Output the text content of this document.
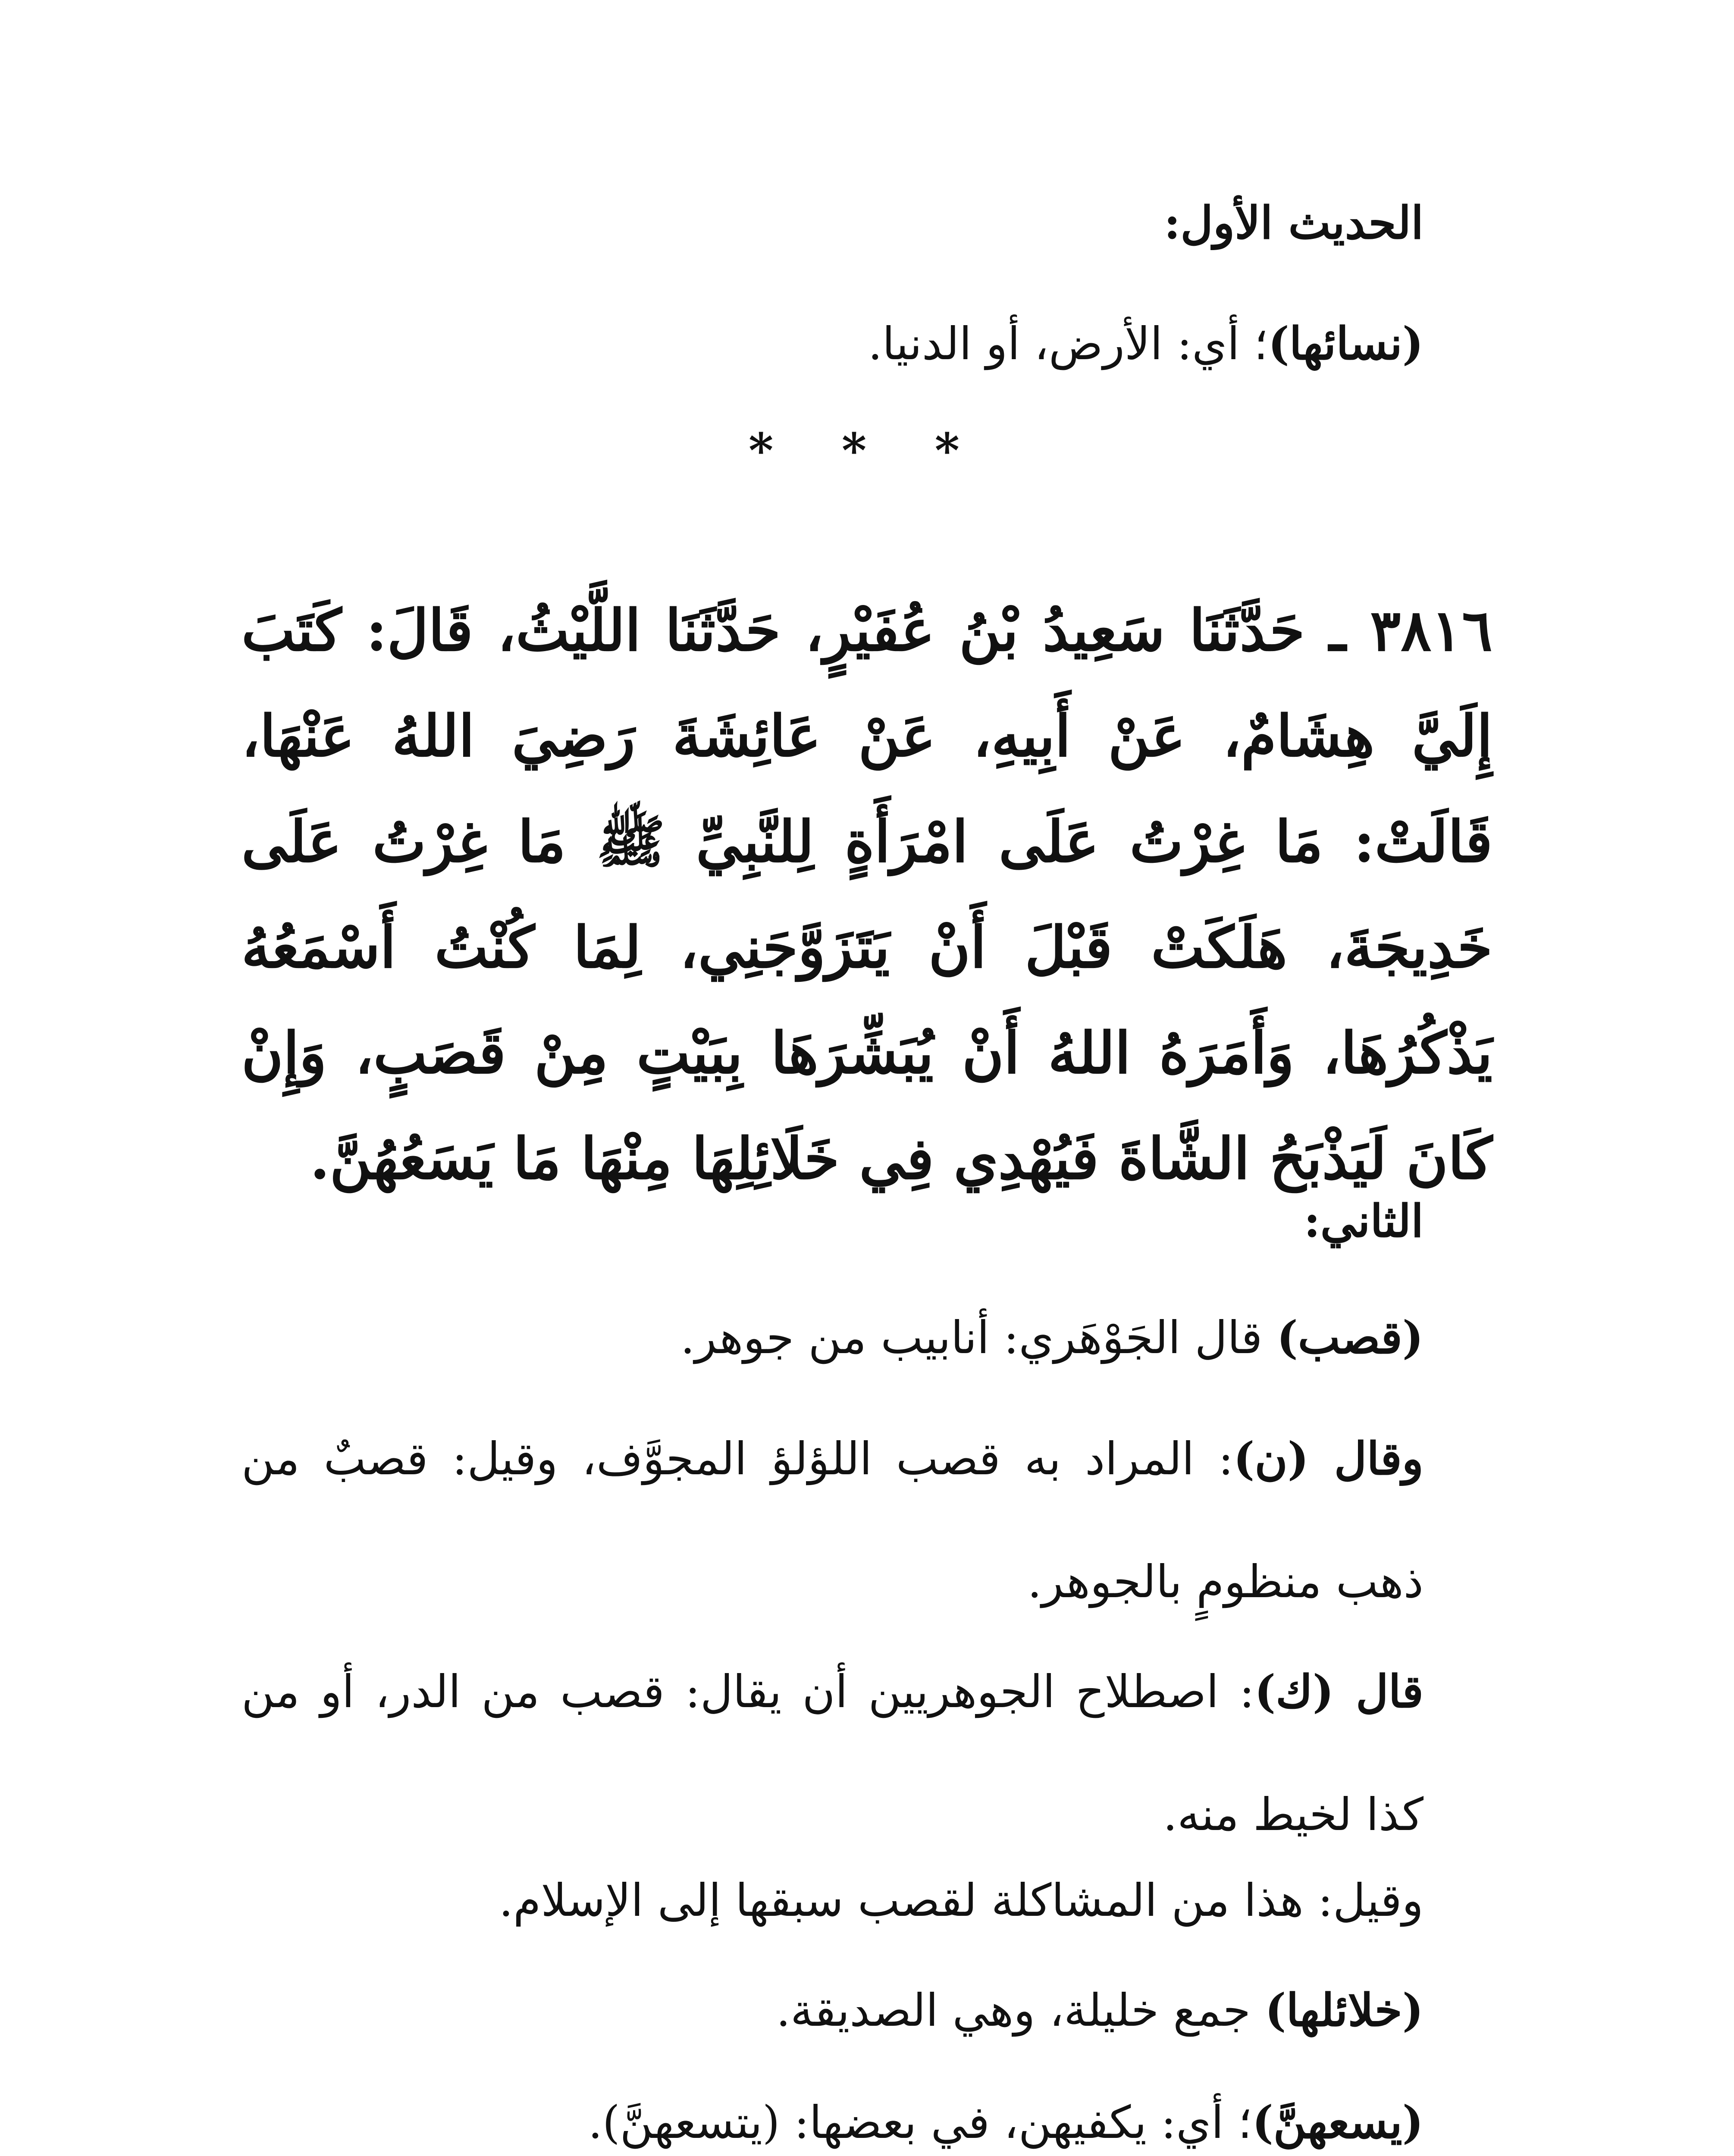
الحديث الأول:
(نسائها)؛ أي: الأرض، أو الدنيا.
* * *
٣٨١٦ ـ حَدَّثَنَا سَعِيدُ بْنُ عُفَيْرٍ، حَدَّثَنَا اللَّيْثُ، قَالَ: كَتَبَ إِلَيَّ هِشَامٌ، عَنْ أَبِيهِ، عَنْ عَائِشَةَ رَضِيَ اللهُ عَنْهَا، قَالَتْ: مَا غِرْتُ عَلَى امْرَأَةٍ لِلنَّبِيِّ ﷺ مَا غِرْتُ عَلَى خَدِيجَةَ، هَلَكَتْ قَبْلَ أَنْ يَتَزَوَّجَنِي، لِمَا كُنْتُ أَسْمَعُهُ يَذْكُرُهَا، وَأَمَرَهُ اللهُ أَنْ يُبَشِّرَهَا بِبَيْتٍ مِنْ قَصَبٍ، وَإِنْ كَانَ لَيَذْبَحُ الشَّاةَ فَيُهْدِي فِي خَلَائِلِهَا مِنْهَا مَا يَسَعُهُنَّ.
الثاني:
(قصب) قال الجَوْهَري: أنابيب من جوهر.
وقال (ن): المراد به قصب اللؤلؤ المجوَّف، وقيل: قصبٌ من ذهب منظومٍ بالجوهر.
قال (ك): اصطلاح الجوهريين أن يقال: قصب من الدر، أو من كذا لخيط منه.
وقيل: هذا من المشاكلة لقصب سبقها إلى الإسلام.
(خلائلها) جمع خليلة، وهي الصديقة.
(يسعهنَّ)؛ أي: يكفيهن، في بعضها: (يتسعهنَّ).
